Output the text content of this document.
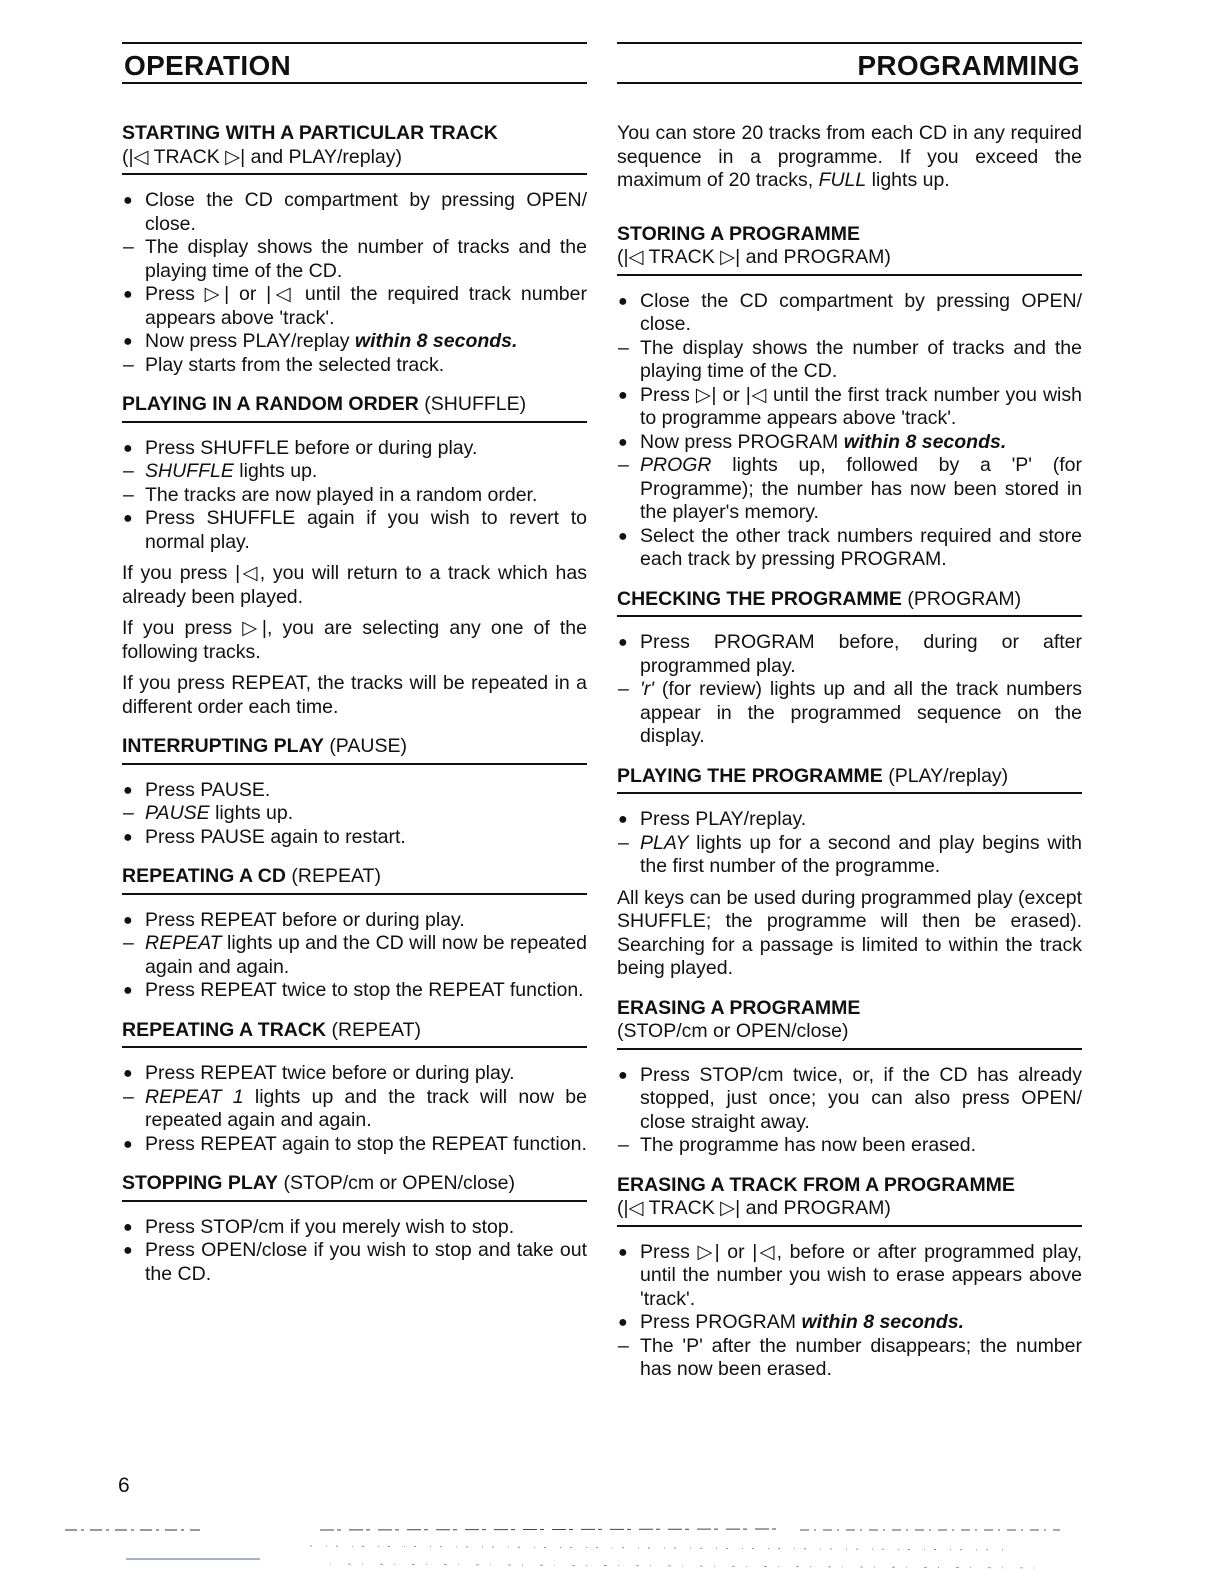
OPERATION
STARTING WITH A PARTICULAR TRACK
(|◁ TRACK ▷| and PLAY/replay)
● Close the CD compartment by pressing OPEN/ close.
– The display shows the number of tracks and the playing time of the CD.
● Press ▷| or |◁ until the required track number appears above 'track'.
● Now press PLAY/replay within 8 seconds.
– Play starts from the selected track.
PLAYING IN A RANDOM ORDER (SHUFFLE)
● Press SHUFFLE before or during play.
– SHUFFLE lights up.
– The tracks are now played in a random order.
● Press SHUFFLE again if you wish to revert to normal play.

If you press |◁, you will return to a track which has already been played.

If you press ▷|, you are selecting any one of the following tracks.

If you press REPEAT, the tracks will be repeated in a different order each time.

INTERRUPTING PLAY (PAUSE)
● Press PAUSE.
– PAUSE lights up.
● Press PAUSE again to restart.
REPEATING A CD (REPEAT)
● Press REPEAT before or during play.
– REPEAT lights up and the CD will now be repeated again and again.
● Press REPEAT twice to stop the REPEAT function.
REPEATING A TRACK (REPEAT)
● Press REPEAT twice before or during play.
– REPEAT 1 lights up and the track will now be repeated again and again.
● Press REPEAT again to stop the REPEAT function.
STOPPING PLAY (STOP/cm or OPEN/close)
● Press STOP/cm if you merely wish to stop.
● Press OPEN/close if you wish to stop and take out the CD.
PROGRAMMING

You can store 20 tracks from each CD in any required sequence in a programme. If you exceed the maximum of 20 tracks, FULL lights up.

STORING A PROGRAMME
(|◁ TRACK ▷| and PROGRAM)
● Close the CD compartment by pressing OPEN/ close.
– The display shows the number of tracks and the playing time of the CD.
● Press ▷| or |◁ until the first track number you wish to programme appears above 'track'.
● Now press PROGRAM within 8 seconds.
– PROGR lights up, followed by a 'P' (for Programme); the number has now been stored in the player's memory.
● Select the other track numbers required and store each track by pressing PROGRAM.
CHECKING THE PROGRAMME (PROGRAM)
● Press PROGRAM before, during or after programmed play.
– 'r' (for review) lights up and all the track numbers appear in the programmed sequence on the display.
PLAYING THE PROGRAMME (PLAY/replay)
● Press PLAY/replay.
– PLAY lights up for a second and play begins with the first number of the programme.

All keys can be used during programmed play (except SHUFFLE; the programme will then be erased). Searching for a passage is limited to within the track being played.

ERASING A PROGRAMME
(STOP/cm or OPEN/close)
● Press STOP/cm twice, or, if the CD has already stopped, just once; you can also press OPEN/ close straight away.
– The programme has now been erased.
ERASING A TRACK FROM A PROGRAMME
(|◁ TRACK ▷| and PROGRAM)
● Press ▷| or |◁, before or after programmed play, until the number you wish to erase appears above 'track'.
● Press PROGRAM within 8 seconds.
– The 'P' after the number disappears; the number has now been erased.
6
